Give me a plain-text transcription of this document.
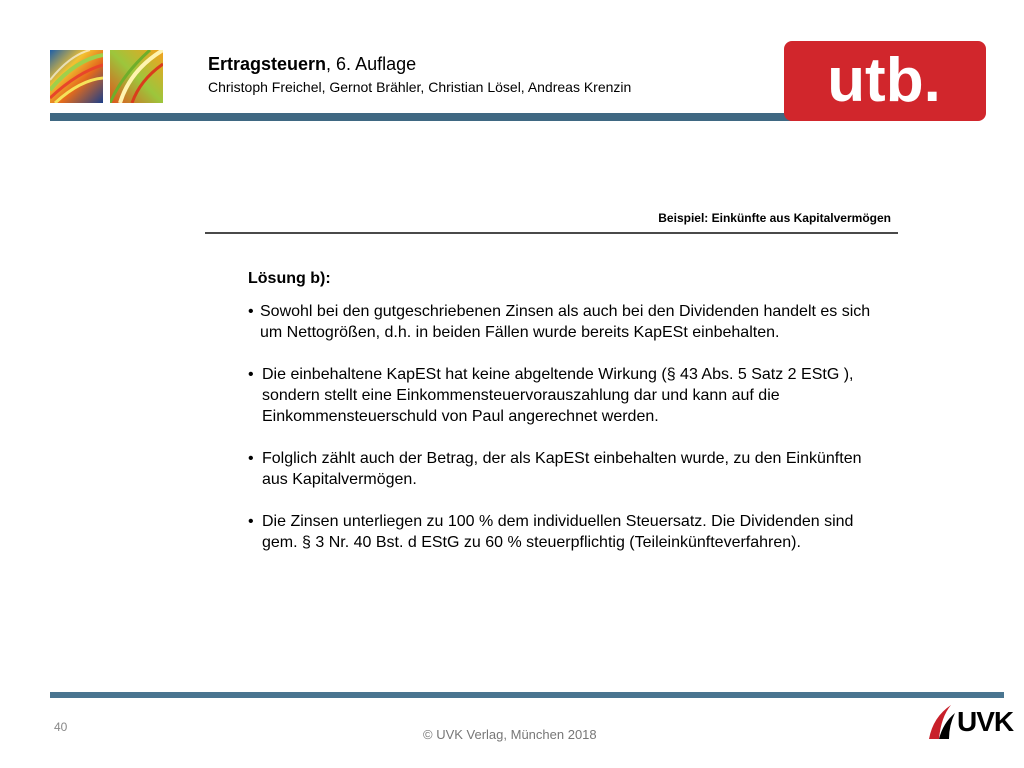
Ertragsteuern, 6. Auflage
Christoph Freichel, Gernot Brähler, Christian Lösel, Andreas Krenzin	utb.
Beispiel: Einkünfte aus Kapitalvermögen
Lösung b):
• Sowohl bei den gutgeschriebenen Zinsen als auch bei den Dividenden handelt es sich um Nettogrößen, d.h. in beiden Fällen wurde bereits KapESt einbehalten.
• Die einbehaltene KapESt hat keine abgeltende Wirkung (§ 43 Abs. 5 Satz 2 EStG ), sondern stellt eine Einkommensteuervorauszahlung dar und kann auf die Einkommensteuerschuld von Paul angerechnet werden.
• Folglich zählt auch der Betrag, der als KapESt einbehalten wurde, zu den Einkünften aus Kapitalvermögen.
• Die Zinsen unterliegen zu 100 % dem individuellen Steuersatz. Die Dividenden sind gem. § 3 Nr. 40 Bst. d EStG zu 60 % steuerpflichtig (Teileinkünfteverfahren).
40	© UVK Verlag, München 2018	UVK
